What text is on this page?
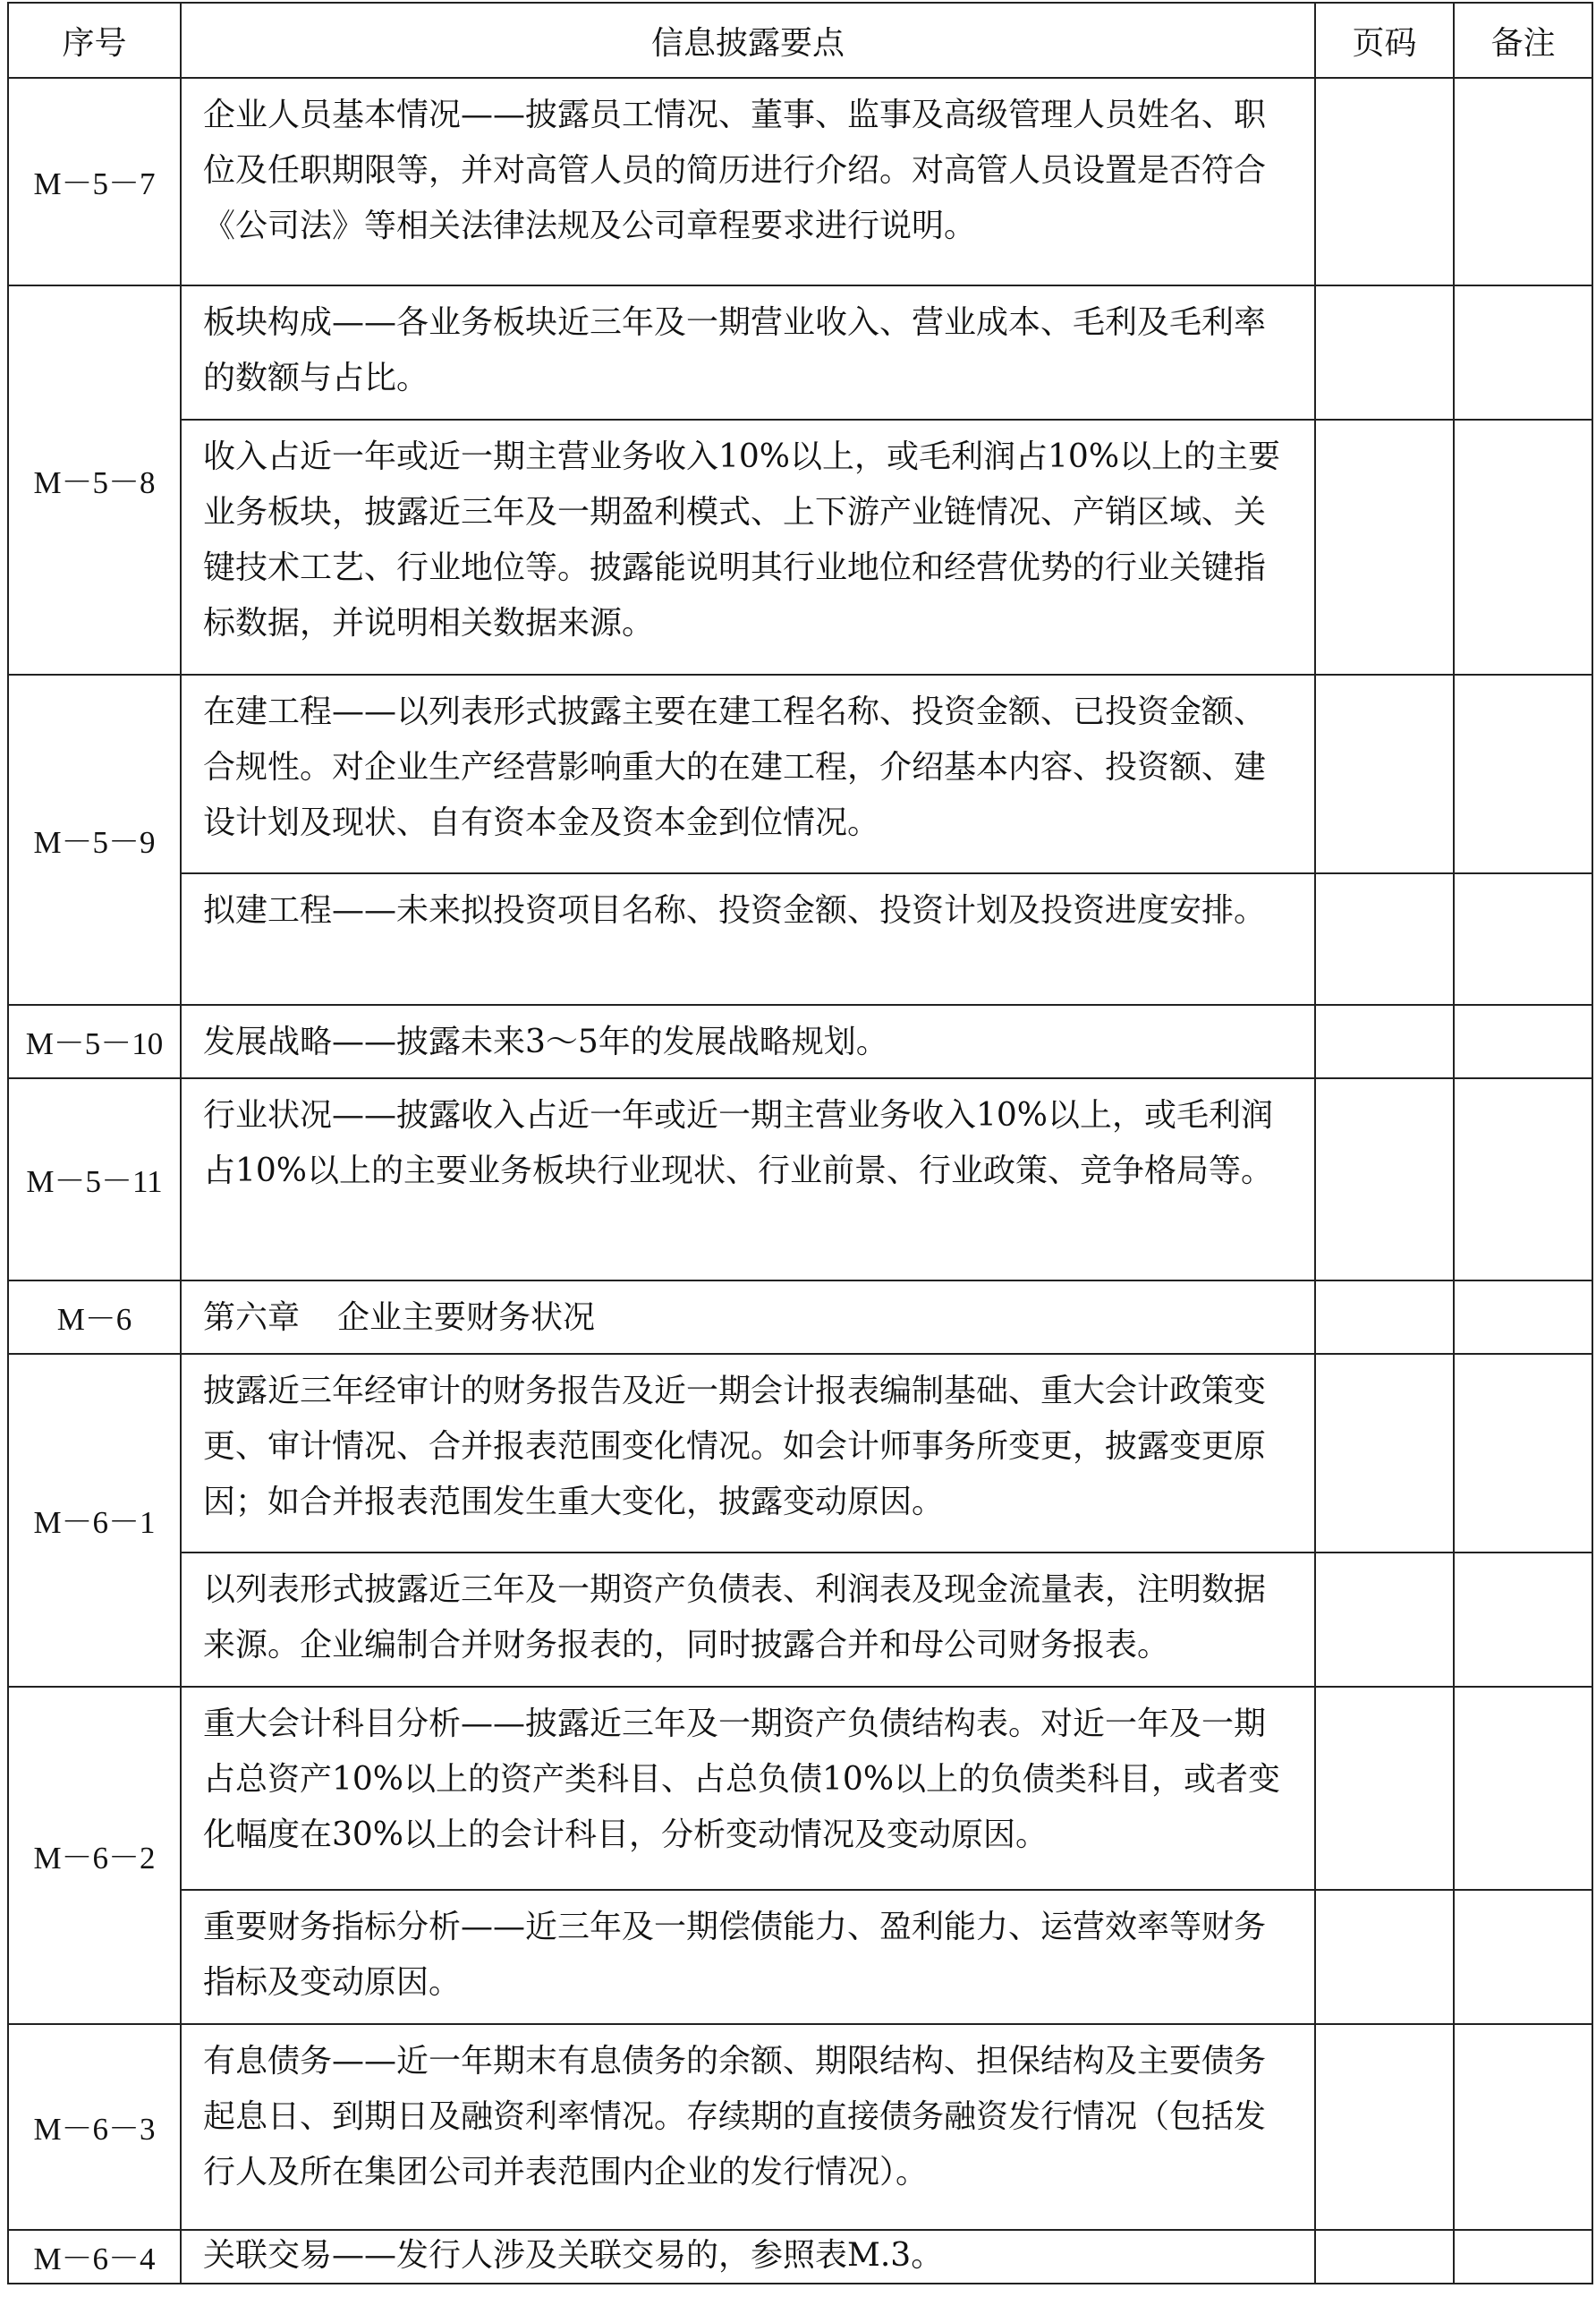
序号	信息披露要点	页码	备注
M－5－7	企业人员基本情况——披露员工情况、董事、监事及高级管理人员姓名、职位及任职期限等，并对高管人员的简历进行介绍。对高管人员设置是否符合《公司法》等相关法律法规及公司章程要求进行说明。		
M－5－8	板块构成——各业务板块近三年及一期营业收入、营业成本、毛利及毛利率的数额与占比。		
	收入占近一年或近一期主营业务收入10%以上，或毛利润占10%以上的主要业务板块，披露近三年及一期盈利模式、上下游产业链情况、产销区域、关键技术工艺、行业地位等。披露能说明其行业地位和经营优势的行业关键指标数据，并说明相关数据来源。		
M－5－9	在建工程——以列表形式披露主要在建工程名称、投资金额、已投资金额、合规性。对企业生产经营影响重大的在建工程，介绍基本内容、投资额、建设计划及现状、自有资本金及资本金到位情况。		
	拟建工程——未来拟投资项目名称、投资金额、投资计划及投资进度安排。		
M－5－10	发展战略——披露未来3～5年的发展战略规划。		
M－5－11	行业状况——披露收入占近一年或近一期主营业务收入10%以上，或毛利润占10%以上的主要业务板块行业现状、行业前景、行业政策、竞争格局等。		
M－6	第六章 企业主要财务状况		
M－6－1	披露近三年经审计的财务报告及近一期会计报表编制基础、重大会计政策变更、审计情况、合并报表范围变化情况。如会计师事务所变更，披露变更原因；如合并报表范围发生重大变化，披露变动原因。		
	以列表形式披露近三年及一期资产负债表、利润表及现金流量表，注明数据来源。企业编制合并财务报表的，同时披露合并和母公司财务报表。		
M－6－2	重大会计科目分析——披露近三年及一期资产负债结构表。对近一年及一期占总资产10%以上的资产类科目、占总负债10%以上的负债类科目，或者变化幅度在30%以上的会计科目，分析变动情况及变动原因。		
	重要财务指标分析——近三年及一期偿债能力、盈利能力、运营效率等财务指标及变动原因。		
M－6－3	有息债务——近一年期末有息债务的余额、期限结构、担保结构及主要债务起息日、到期日及融资利率情况。存续期的直接债务融资发行情况（包括发行人及所在集团公司并表范围内企业的发行情况）。		
M－6－4	关联交易——发行人涉及关联交易的，参照表M.3。		
